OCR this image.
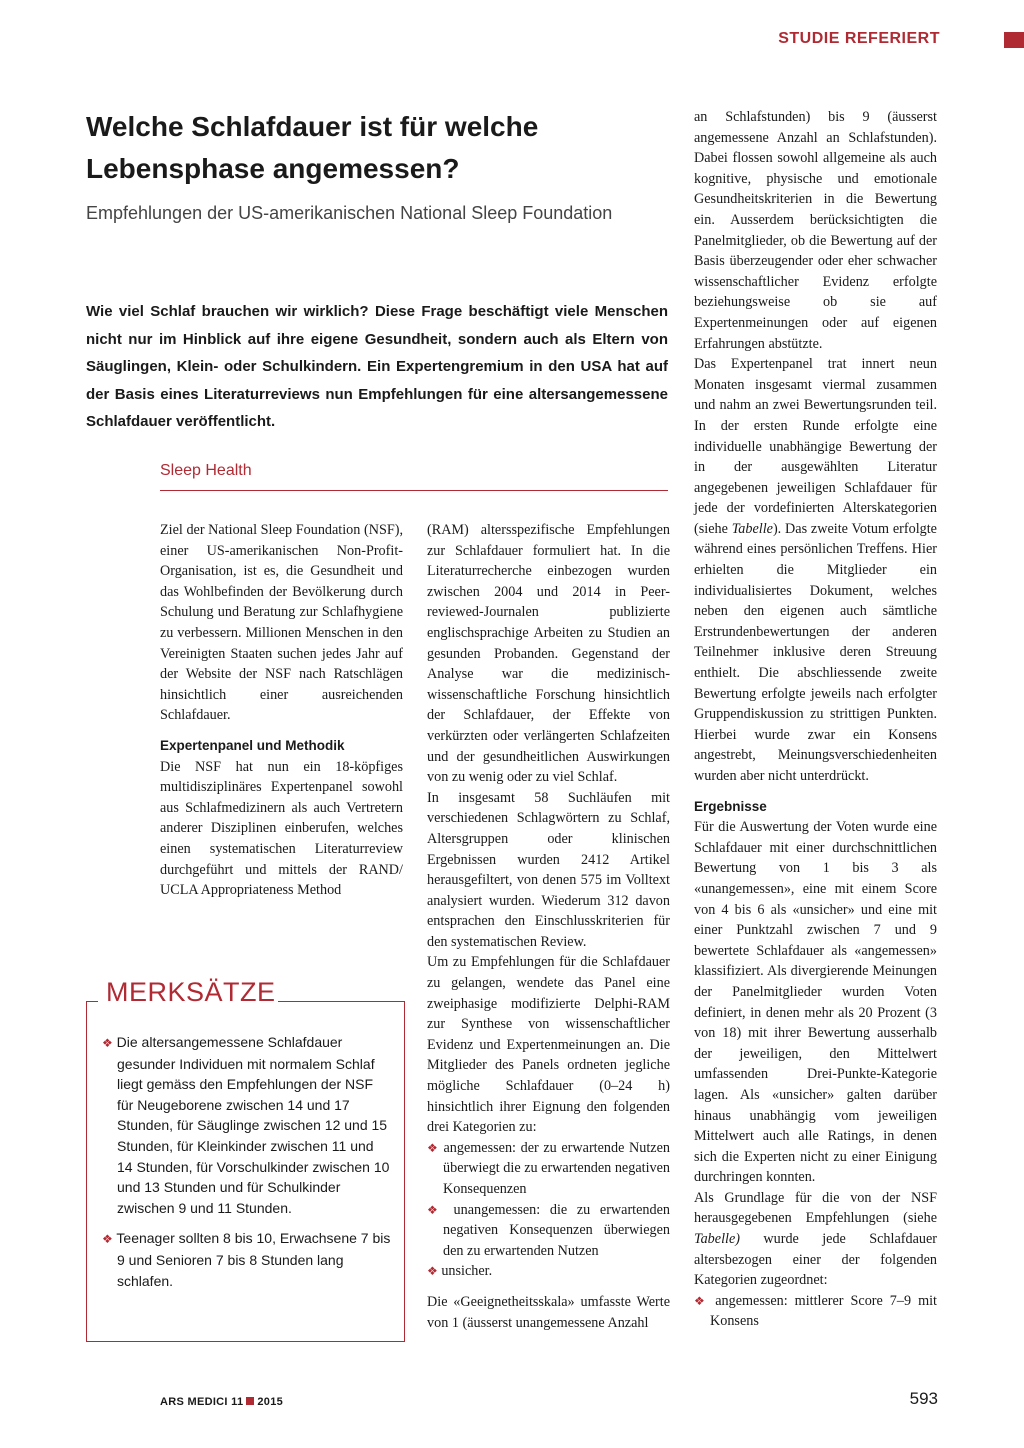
STUDIE REFERIERT
Welche Schlafdauer ist für welche Lebensphase angemessen?
Empfehlungen der US-amerikanischen National Sleep Foundation
Wie viel Schlaf brauchen wir wirklich? Diese Frage beschäftigt viele Menschen nicht nur im Hinblick auf ihre eigene Gesundheit, sondern auch als Eltern von Säuglingen, Klein- oder Schulkindern. Ein Expertengremium in den USA hat auf der Basis eines Literaturreviews nun Empfehlungen für eine altersangemessene Schlafdauer veröffentlicht.
Sleep Health

Ziel der National Sleep Foundation (NSF), einer US-amerikanischen Non-Profit-Organisation, ist es, die Gesundheit und das Wohlbefinden der Bevölkerung durch Schulung und Beratung zur Schlafhygiene zu verbessern. Millionen Menschen in den Vereinigten Staaten suchen jedes Jahr auf der Website der NSF nach Ratschlägen hinsichtlich einer ausreichenden Schlafdauer.

Expertenpanel und Methodik

Die NSF hat nun ein 18-köpfiges multidisziplinäres Expertenpanel sowohl aus Schlafmedizinern als auch Vertretern anderer Disziplinen einberufen, welches einen systematischen Literaturreview durchgeführt und mittels der RAND/ UCLA Appropriateness Method

(RAM) altersspezifische Empfehlungen zur Schlafdauer formuliert hat. In die Literaturrecherche einbezogen wurden zwischen 2004 und 2014 in Peer-reviewed-Journalen publizierte englischsprachige Arbeiten zu Studien an gesunden Probanden. Gegenstand der Analyse war die medizinisch-wissenschaftliche Forschung hinsichtlich der Schlafdauer, der Effekte von verkürzten oder verlängerten Schlafzeiten und der gesundheitlichen Auswirkungen von zu wenig oder zu viel Schlaf.

In insgesamt 58 Suchläufen mit verschiedenen Schlagwörtern zu Schlaf, Altersgruppen oder klinischen Ergebnissen wurden 2412 Artikel herausgefiltert, von denen 575 im Volltext analysiert wurden. Wiederum 312 davon entsprachen den Einschlusskriterien für den systematischen Review.

Um zu Empfehlungen für die Schlafdauer zu gelangen, wendete das Panel eine zweiphasige modifizierte Delphi-RAM zur Synthese von wissenschaftlicher Evidenz und Expertenmeinungen an. Die Mitglieder des Panels ordneten jegliche mögliche Schlafdauer (0–24 h) hinsichtlich ihrer Eignung den folgenden drei Kategorien zu:

❖ angemessen: der zu erwartende Nutzen überwiegt die zu erwartenden negativen Konsequenzen

❖ unangemessen: die zu erwartenden negativen Konsequenzen überwiegen den zu erwartenden Nutzen

❖ unsicher.

Die «Geeignetheitsskala» umfasste Werte von 1 (äusserst unangemessene Anzahl

an Schlafstunden) bis 9 (äusserst angemessene Anzahl an Schlafstunden). Dabei flossen sowohl allgemeine als auch kognitive, physische und emotionale Gesundheitskriterien in die Bewertung ein. Ausserdem berücksichtigten die Panelmitglieder, ob die Bewertung auf der Basis überzeugender oder eher schwacher wissenschaftlicher Evidenz erfolgte beziehungsweise ob sie auf Expertenmeinungen oder auf eigenen Erfahrungen abstützte.

Das Expertenpanel trat innert neun Monaten insgesamt viermal zusammen und nahm an zwei Bewertungsrunden teil. In der ersten Runde erfolgte eine individuelle unabhängige Bewertung der in der ausgewählten Literatur angegebenen jeweiligen Schlafdauer für jede der vordefinierten Alterskategorien (siehe Tabelle). Das zweite Votum erfolgte während eines persönlichen Treffens. Hier erhielten die Mitglieder ein individualisiertes Dokument, welches neben den eigenen auch sämtliche Erstrundenbewertungen der anderen Teilnehmer inklusive deren Streuung enthielt. Die abschliessende zweite Bewertung erfolgte jeweils nach erfolgter Gruppendiskussion zu strittigen Punkten. Hierbei wurde zwar ein Konsens angestrebt, Meinungsverschiedenheiten wurden aber nicht unterdrückt.

Ergebnisse

Für die Auswertung der Voten wurde eine Schlafdauer mit einer durchschnittlichen Bewertung von 1 bis 3 als «unangemessen», eine mit einem Score von 4 bis 6 als «unsicher» und eine mit einer Punktzahl zwischen 7 und 9 bewertete Schlafdauer als «angemessen» klassifiziert. Als divergierende Meinungen der Panelmitglieder wurden Voten definiert, in denen mehr als 20 Prozent (3 von 18) mit ihrer Bewertung ausserhalb der jeweiligen, den Mittelwert umfassenden Drei-Punkte-Kategorie lagen. Als «unsicher» galten darüber hinaus unabhängig vom jeweiligen Mittelwert auch alle Ratings, in denen sich die Experten nicht zu einer Einigung durchringen konnten.

Als Grundlage für die von der NSF herausgegebenen Empfehlungen (siehe Tabelle) wurde jede Schlafdauer altersbezogen einer der folgenden Kategorien zugeordnet:

❖ angemessen: mittlerer Score 7–9 mit Konsens

MERKSÄTZE
❖ Die altersangemessene Schlafdauer gesunder Individuen mit normalem Schlaf liegt gemäss den Empfehlungen der NSF für Neugeborene zwischen 14 und 17 Stunden, für Säuglinge zwischen 12 und 15 Stunden, für Kleinkinder zwischen 11 und 14 Stunden, für Vorschulkinder zwischen 10 und 13 Stunden und für Schulkinder zwischen 9 und 11 Stunden.
❖ Teenager sollten 8 bis 10, Erwachsene 7 bis 9 und Senioren 7 bis 8 Stunden lang schlafen.
ARS MEDICI 11 2015	593
